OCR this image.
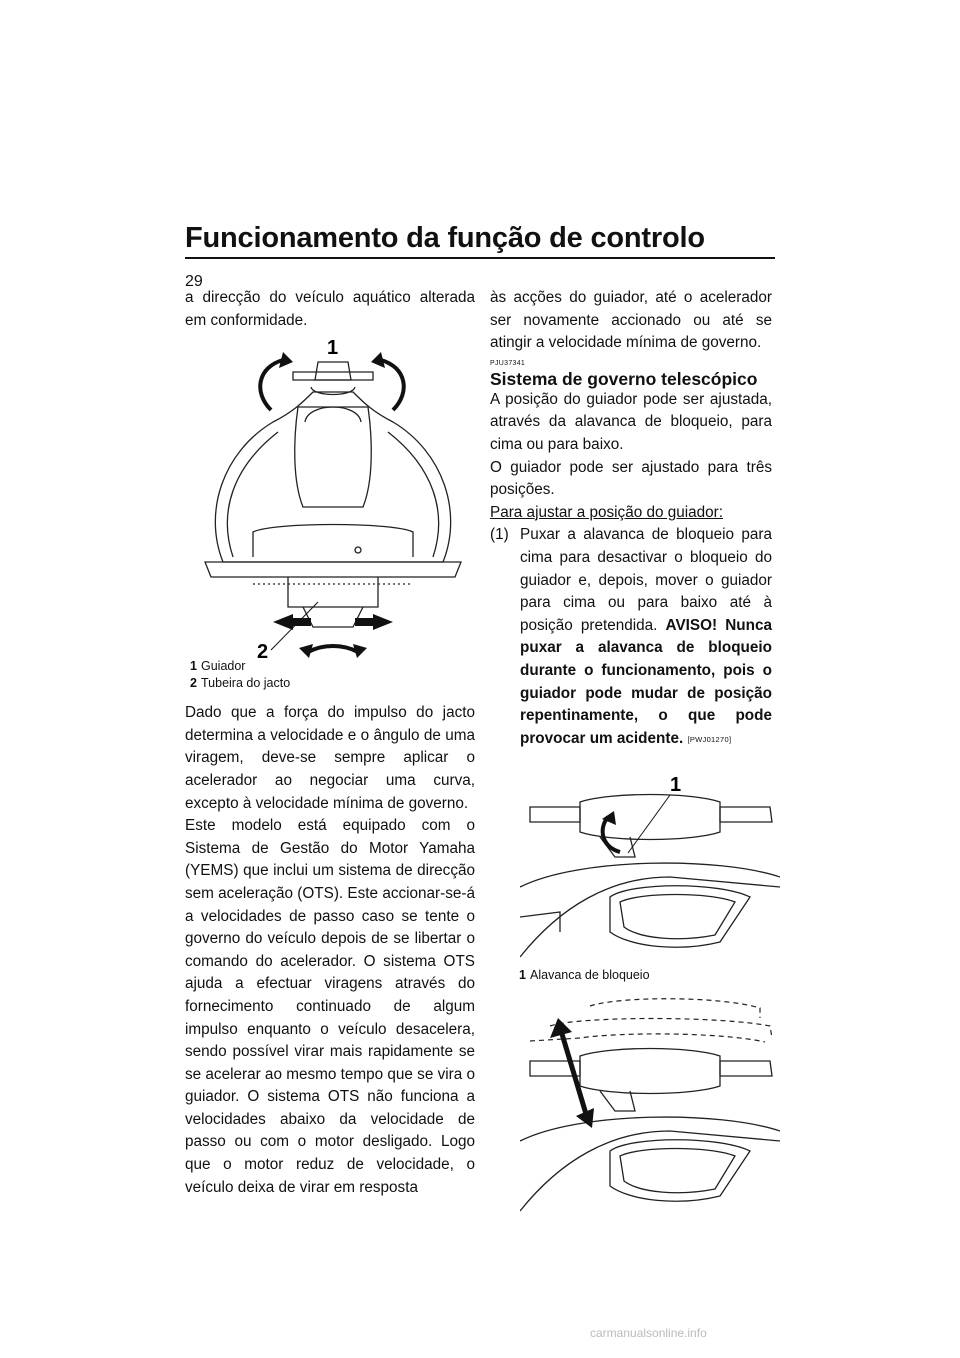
Funcionamento da função de controlo
29

a direcção do veículo aquático alterada em conformidade.

1
2
1 Guiador
2 Tubeira do jacto

Dado que a força do impulso do jacto determina a velocidade e o ângulo de uma viragem, deve-se sempre aplicar o acelerador ao negociar uma curva, excepto à velocidade mínima de governo.

Este modelo está equipado com o Sistema de Gestão do Motor Yamaha (YEMS) que inclui um sistema de direcção sem aceleração (OTS). Este accionar-se-á a velocidades de passo caso se tente o governo do veículo depois de se libertar o comando do acelerador. O sistema OTS ajuda a efectuar viragens através do fornecimento continuado de algum impulso enquanto o veículo desacelera, sendo possível virar mais rapidamente se se acelerar ao mesmo tempo que se vira o guiador. O sistema OTS não funciona a velocidades abaixo da velocidade de passo ou com o motor desligado. Logo que o motor reduz de velocidade, o veículo deixa de virar em resposta

às acções do guiador, até o acelerador ser novamente accionado ou até se atingir a velocidade mínima de governo.

PJU37341
Sistema de governo telescópico

A posição do guiador pode ser ajustada, através da alavanca de bloqueio, para cima ou para baixo.

O guiador pode ser ajustado para três posições.

Para ajustar a posição do guiador:

(1) Puxar a alavanca de bloqueio para cima para desactivar o bloqueio do guiador e, depois, mover o guiador para cima ou para baixo até à posição pretendida. AVISO! Nunca puxar a alavanca de bloqueio durante o funcionamento, pois o guiador pode mudar de posição repentinamente, o que pode provocar um acidente. [PWJ01270]
1
1 Alavanca de bloqueio
carmanualsonline.info
